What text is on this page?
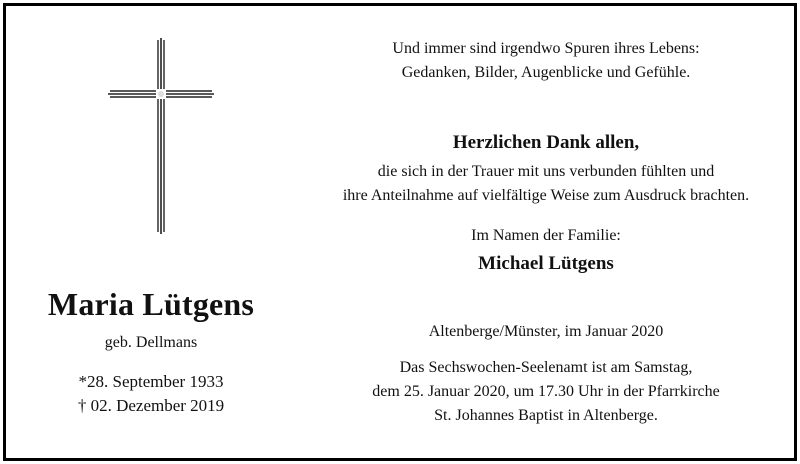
Maria Lütgens
geb. Dellmans
*28. September 1933
† 02. Dezember 2019
Und immer sind irgendwo Spuren ihres Lebens:
Gedanken, Bilder, Augenblicke und Gefühle.
Herzlichen Dank allen,
die sich in der Trauer mit uns verbunden fühlten und
ihre Anteilnahme auf vielfältige Weise zum Ausdruck brachten.
Im Namen der Familie:
Michael Lütgens
Altenberge/Münster, im Januar 2020
Das Sechswochen-Seelenamt ist am Samstag,
dem 25. Januar 2020, um 17.30 Uhr in der Pfarrkirche
St. Johannes Baptist in Altenberge.
